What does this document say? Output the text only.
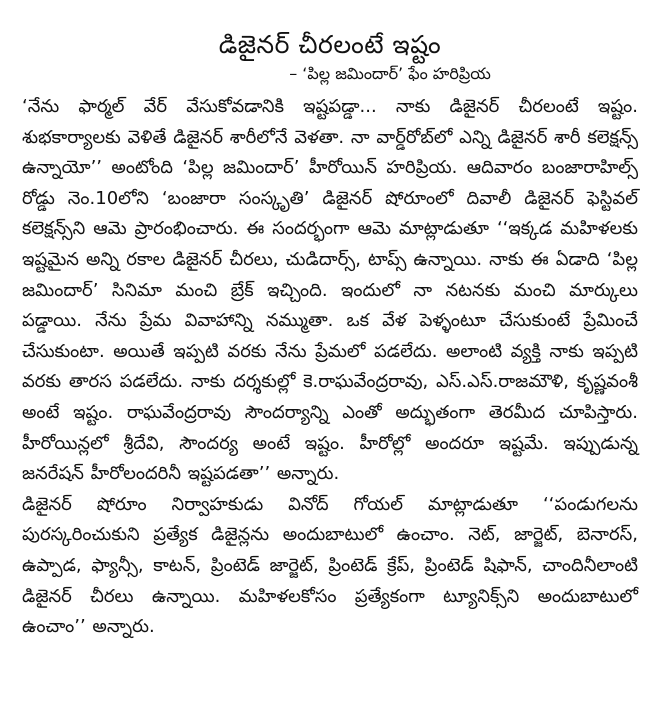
డిజైనర్ చీరలంటే ఇష్టం
– ‘పిల్ల జమిందార్’ ఫేం హరిప్రియ

‘నేను ఫార్మల్ వేర్ వేసుకోవడానికి ఇష్టపడ్డా... నాకు డిజైనర్ చీరలంటే ఇష్టం. శుభకార్యాలకు వెళితే డిజైనర్ శారీలోనే వెళతా. నా వార్డ్‌రోబ్‌లో ఎన్ని డిజైనర్ శారీ కలెక్షన్స్ ఉన్నాయో’’ అంటోంది ‘పిల్ల జమిందార్’ హీరోయిన్ హరిప్రియ. ఆదివారం బంజారాహిల్స్ రోడ్డు నెం.10లోని ‘బంజారా సంస్కృతి’ డిజైనర్ షోరూంలో దివాలీ డిజైనర్ ఫెస్టివల్ కలెక్షన్స్‌ని ఆమె ప్రారంభించారు. ఈ సందర్భంగా ఆమె మాట్లాడుతూ ‘‘ఇక్కడ మహిళలకు ఇష్టమైన అన్ని రకాల డిజైనర్ చీరలు, చుడిదార్స్, టాప్స్ ఉన్నాయి. నాకు ఈ ఏడాది ‘పిల్ల జమిందార్’ సినిమా మంచి బ్రేక్ ఇచ్చింది. ఇందులో నా నటనకు మంచి మార్కులు పడ్డాయి. నేను ప్రేమ వివాహాన్ని నమ్ముతా. ఒక వేళ పెళ్ళంటూ చేసుకుంటే ప్రేమించే చేసుకుంటా. అయితే ఇప్పటి వరకు నేను ప్రేమలో పడలేదు. అలాంటి వ్యక్తి నాకు ఇప్పటి వరకు తారస పడలేదు. నాకు దర్శకుల్లో కె.రాఘవేంద్రరావు, ఎస్.ఎస్.రాజమౌళి, కృష్ణవంశీ అంటే ఇష్టం. రాఘవేంద్రరావు సౌందర్యాన్ని ఎంతో అద్భుతంగా తెరమీద చూపిస్తారు. హీరోయిన్లలో శ్రీదేవి, సౌందర్య అంటే ఇష్టం. హీరోల్లో అందరూ ఇష్టమే. ఇప్పుడున్న జనరేషన్ హీరోలందరినీ ఇష్టపడతా’’ అన్నారు.

డిజైనర్ షోరూం నిర్వాహకుడు వినోద్ గోయల్ మాట్లాడుతూ ‘‘పండుగలను పురస్కరించుకుని ప్రత్యేక డిజైన్లను అందుబాటులో ఉంచాం. నెట్, జార్జెట్, బెనారస్, ఉప్పాడ, ఫ్యాన్సీ, కాటన్, ప్రింటెడ్ జార్జెట్, ప్రింటెడ్ క్రేప్, ప్రింటెడ్ షిఫాన్, చాందినీలాంటి డిజైనర్ చీరలు ఉన్నాయి. మహిళలకోసం ప్రత్యేకంగా ట్యూనిక్స్‌ని అందుబాటులో ఉంచాం’’ అన్నారు.
